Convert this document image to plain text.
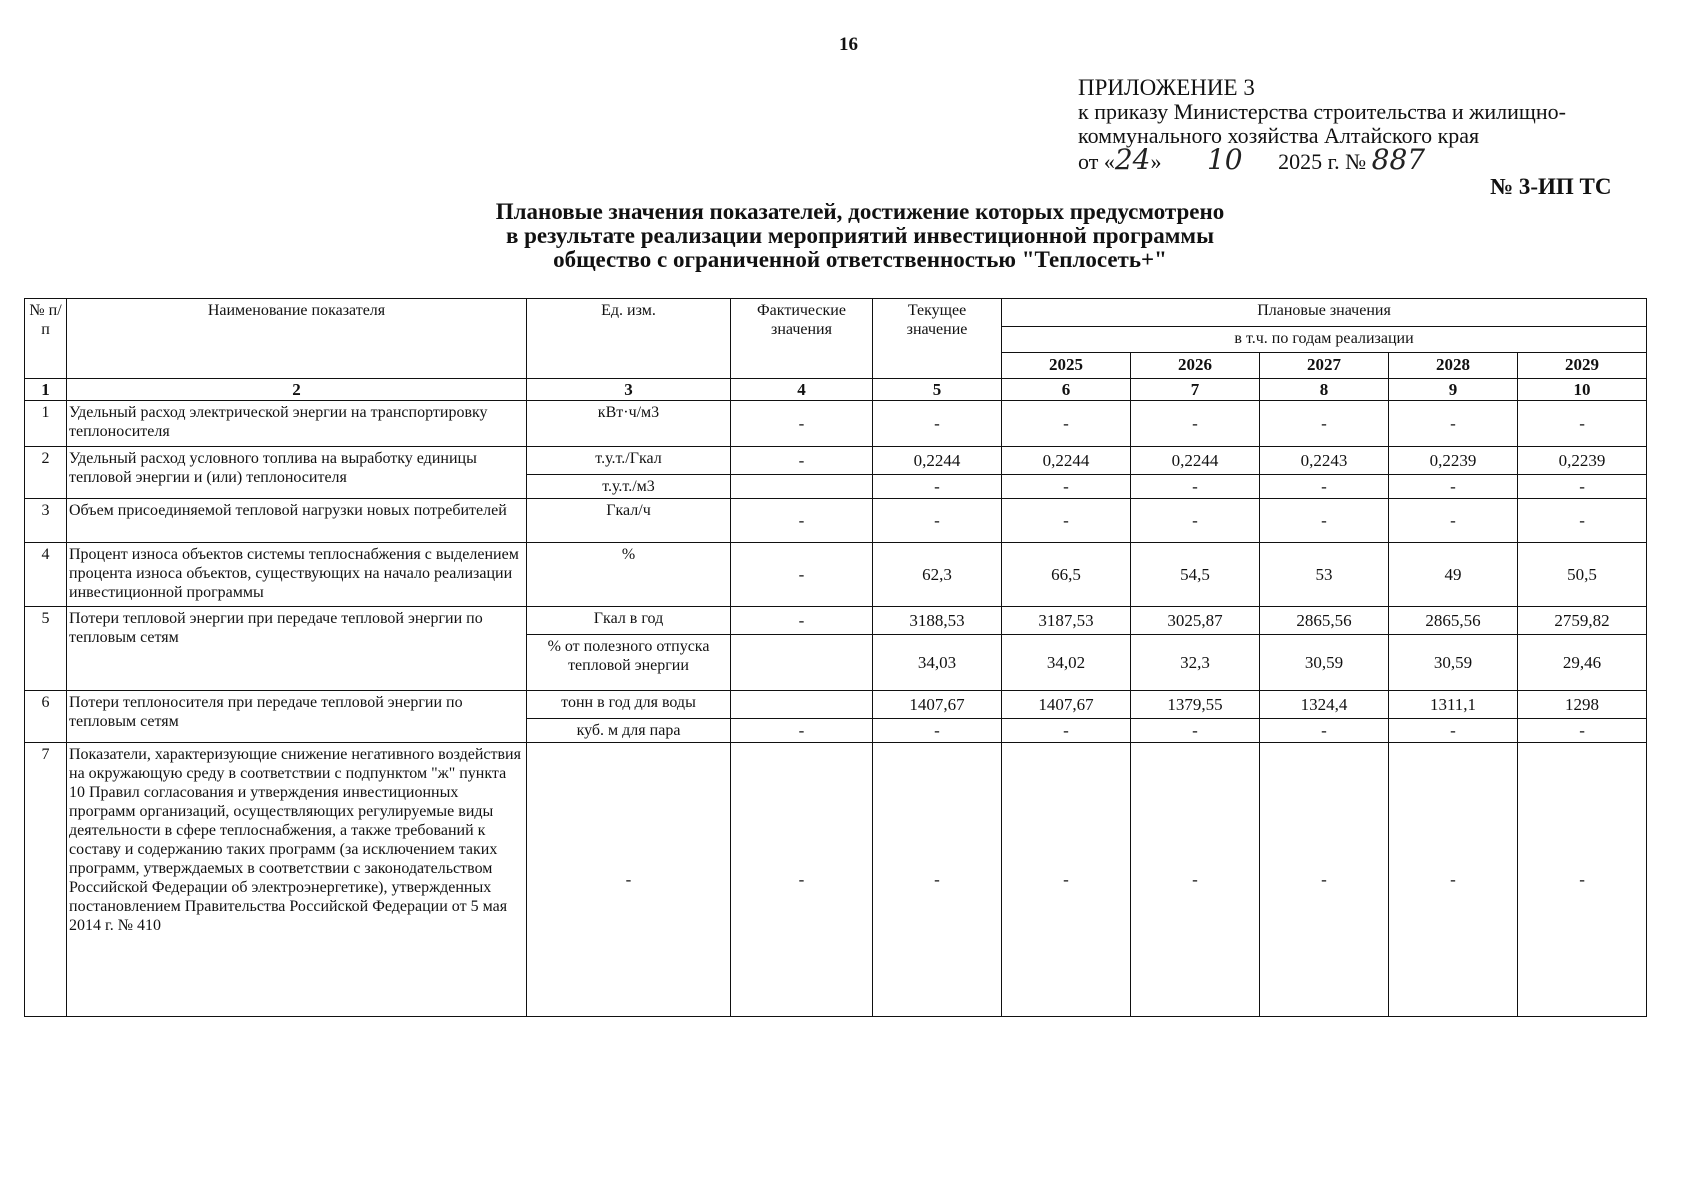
16
ПРИЛОЖЕНИЕ 3
к приказу Министерства строительства и жилищно-
коммунального хозяйства Алтайского края
от «24» 10 2025 г. № 887
№ 3-ИП ТС
Плановые значения показателей, достижение которых предусмотрено
в результате реализации мероприятий инвестиционной программы
общество с ограниченной ответственностью "Теплосеть+"
№ п/п	Наименование показателя	Ед. изм.	Фактические значения	Текущее значение	Плановые значения				
					в т.ч. по годам реализации				
					2025	2026	2027	2028	2029
1	2	3	4	5	6	7	8	9	10
1	Удельный расход электрической энергии на транспортировку теплоносителя	кВт·ч/м3	-	-	-	-	-	-	-
2	Удельный расход условного топлива на выработку единицы тепловой энергии и (или) теплоносителя	т.у.т./Гкал	-	0,2244	0,2244	0,2244	0,2243	0,2239	0,2239
		т.у.т./м3		-	-	-	-	-	-
3	Объем присоединяемой тепловой нагрузки новых потребителей	Гкал/ч	-	-	-	-	-	-	-
4	Процент износа объектов системы теплоснабжения с выделением процента износа объектов, существующих на начало реализации инвестиционной программы	%	-	62,3	66,5	54,5	53	49	50,5
5	Потери тепловой энергии при передаче тепловой энергии по тепловым сетям	Гкал в год	-	3188,53	3187,53	3025,87	2865,56	2865,56	2759,82
		% от полезного отпуска тепловой энергии		34,03	34,02	32,3	30,59	30,59	29,46
6	Потери теплоносителя при передаче тепловой энергии по тепловым сетям	тонн в год для воды		1407,67	1407,67	1379,55	1324,4	1311,1	1298
		куб. м для пара	-	-	-	-	-	-	-
7	Показатели, характеризующие снижение негативного воздействия на окружающую среду в соответствии с подпунктом "ж" пункта 10 Правил согласования и утверждения инвестиционных программ организаций, осуществляющих регулируемые виды деятельности в сфере теплоснабжения, а также требований к составу и содержанию таких программ (за исключением таких программ, утверждаемых в соответствии с законодательством Российской Федерации об электроэнергетике), утвержденных постановлением Правительства Российской Федерации от 5 мая 2014 г. № 410	-	-	-	-	-	-	-	-
